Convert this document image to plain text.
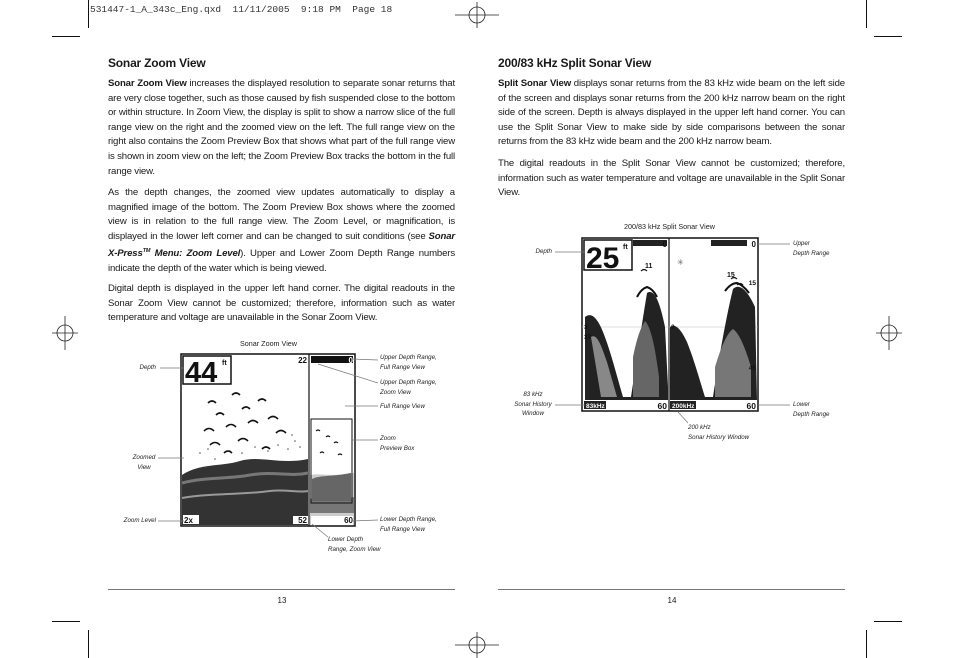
531447-1_A_343c_Eng.qxd  11/11/2005  9:18 PM  Page 18
Sonar Zoom View

Sonar Zoom View increases the displayed resolution to separate sonar returns that are very close together, such as those caused by fish suspended close to the bottom or within structure. In Zoom View, the display is split to show a narrow slice of the full range view on the right and the zoomed view on the left. The full range view on the right also contains the Zoom Preview Box that shows what part of the full range view is shown in zoom view on the left; the Zoom Preview Box tracks the bottom in the full range view.

As the depth changes, the zoomed view updates automatically to display a magnified image of the bottom. The Zoom Preview Box shows where the zoomed view is in relation to the full range view. The Zoom Level, or magnification, is displayed in the lower left corner and can be changed to suit conditions (see Sonar X-Press™ Menu: Zoom Level). Upper and Lower Zoom Depth Range numbers indicate the depth of the water which is being viewed.

Digital depth is displayed in the upper left hand corner. The digital readouts in the Sonar Zoom View cannot be customized; therefore, information such as water temperature and voltage are unavailable in the Sonar Zoom View.

Sonar Zoom View
44 ft	22	0
2x	52	60
Depth
Zoomed
View
Zoom Level
Upper Depth Range,
Full Range View
Upper Depth Range,
Zoom View
Full Range View
Zoom
Preview Box
Lower Depth Range,
Full Range View
Lower Depth
Range, Zoom View
13
200/83 kHz Split Sonar View

Split Sonar View displays sonar returns from the 83 kHz wide beam on the left side of the screen and displays sonar returns from the 200 kHz narrow beam on the right side of the screen. Depth is always displayed in the upper left hand corner. You can use the Split Sonar View to make side by side comparisons between the sonar returns from the 83 kHz wide beam and the 200 kHz narrow beam.

The digital readouts in the Split Sonar View cannot be customized; therefore, information such as water temperature and voltage are unavailable in the Split Sonar View.

200/83 kHz Split Sonar View
✳
25 ft	0	0
11
15
15
45
3
37
3
83kHz	200kHz
60	60
Depth
Upper
Depth Range
83 kHz
Sonar History
Window
Lower
Depth Range
200 kHz
Sonar History Window
14
